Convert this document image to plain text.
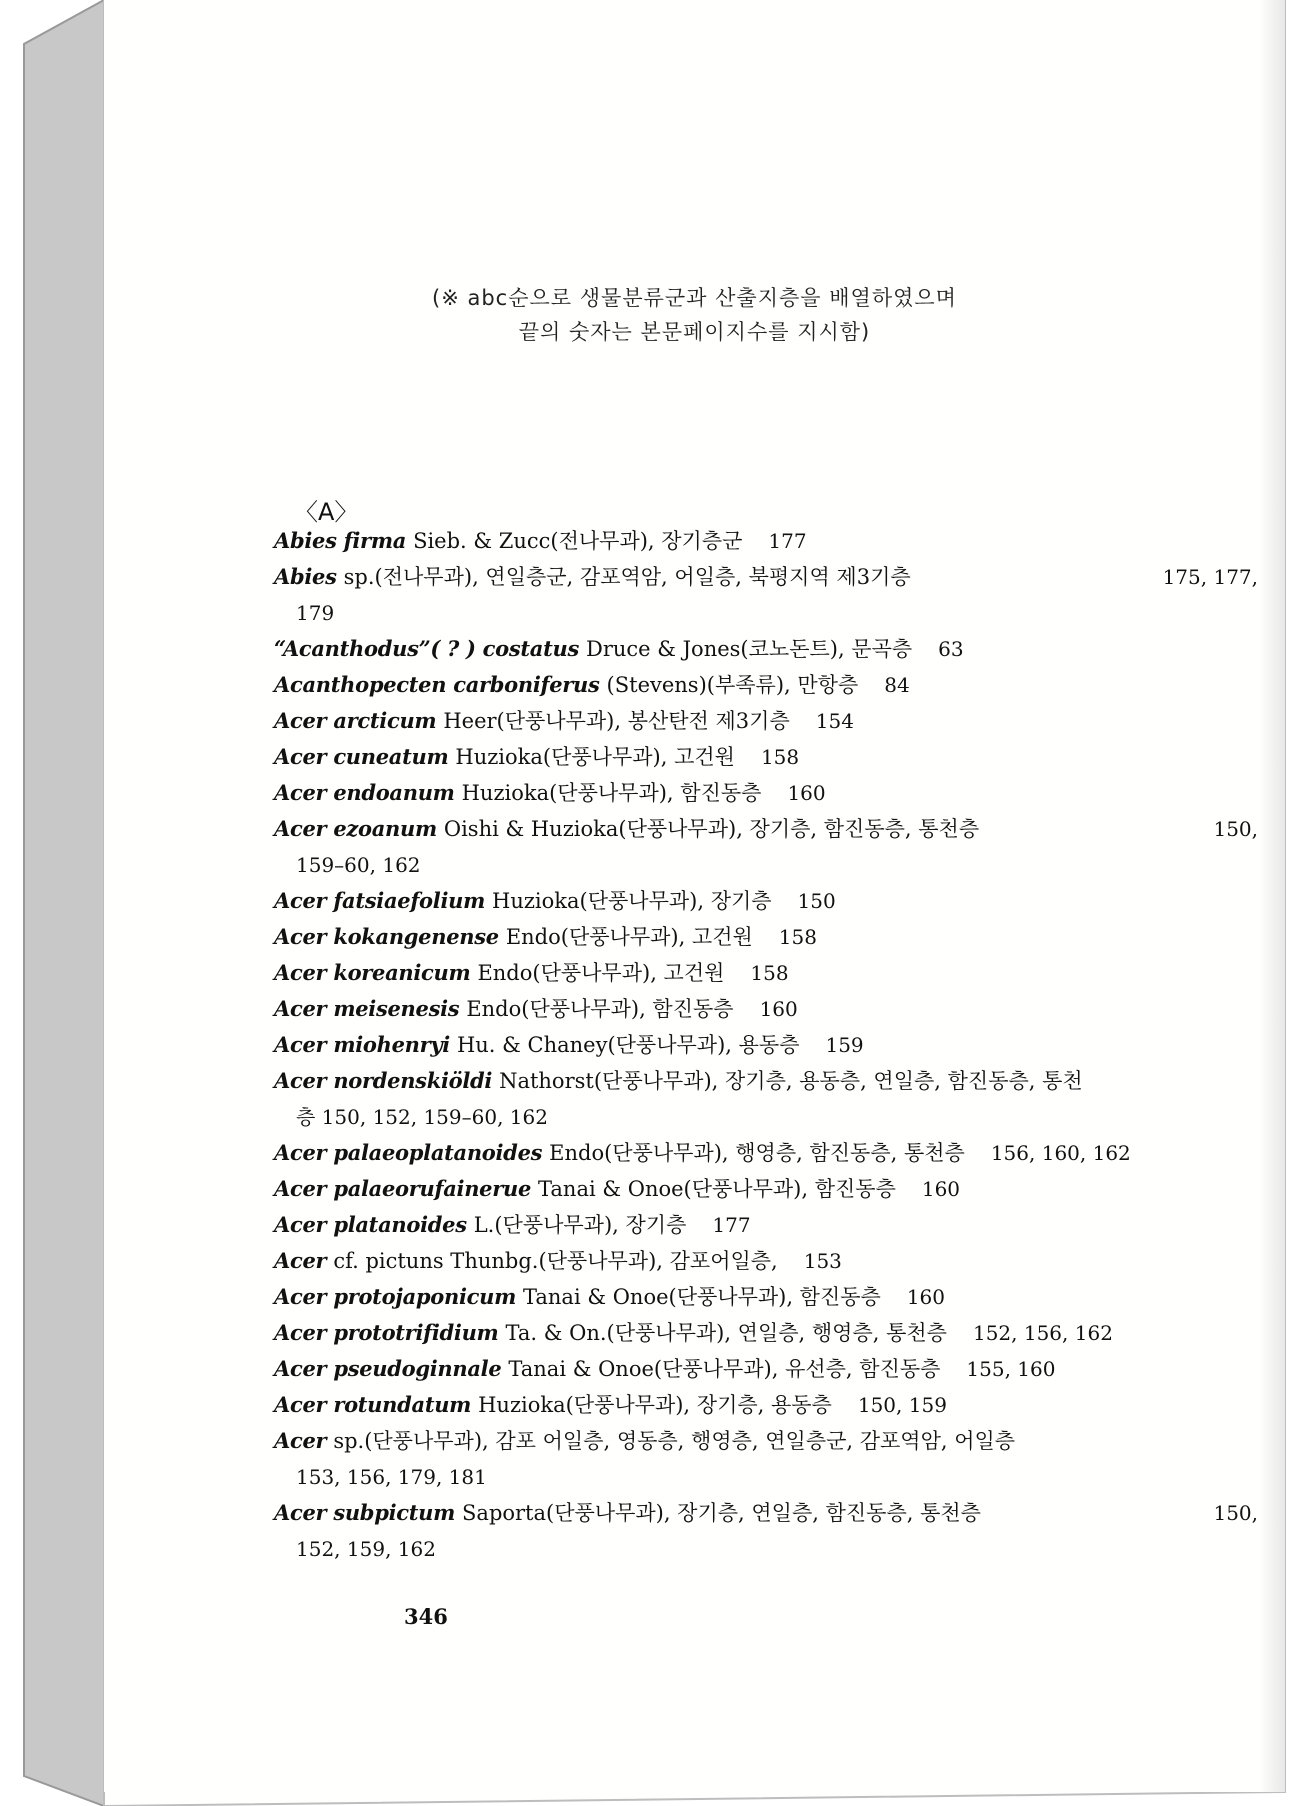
(※ abc순으로 생물분류군과 산출지층을 배열하였으며
끝의 숫자는 본문페이지수를 지시함)
〈A〉
Abies firma Sieb. & Zucc(전나무과), 장기층군 177
Abies sp.(전나무과), 연일층군, 감포역암, 어일층, 북평지역 제3기층	175, 177,
179
“Acanthodus”( ? ) costatus Druce & Jones(코노돈트), 문곡층 63
Acanthopecten carboniferus (Stevens)(부족류), 만항층 84
Acer arcticum Heer(단풍나무과), 봉산탄전 제3기층 154
Acer cuneatum Huzioka(단풍나무과), 고건원 158
Acer endoanum Huzioka(단풍나무과), 함진동층 160
Acer ezoanum Oishi & Huzioka(단풍나무과), 장기층, 함진동층, 통천층	150,
159–60, 162
Acer fatsiaefolium Huzioka(단풍나무과), 장기층 150
Acer kokangenense Endo(단풍나무과), 고건원 158
Acer koreanicum Endo(단풍나무과), 고건원 158
Acer meisenesis Endo(단풍나무과), 함진동층 160
Acer miohenryi Hu. & Chaney(단풍나무과), 용동층 159
Acer nordenskiöldi Nathorst(단풍나무과), 장기층, 용동층, 연일층, 함진동층, 통천
층 150, 152, 159–60, 162
Acer palaeoplatanoides Endo(단풍나무과), 행영층, 함진동층, 통천층 156, 160, 162
Acer palaeorufainerue Tanai & Onoe(단풍나무과), 함진동층 160
Acer platanoides L.(단풍나무과), 장기층 177
Acer cf. pictuns Thunbg.(단풍나무과), 감포어일층, 153
Acer protojaponicum Tanai & Onoe(단풍나무과), 함진동층 160
Acer prototrifidium Ta. & On.(단풍나무과), 연일층, 행영층, 통천층 152, 156, 162
Acer pseudoginnale Tanai & Onoe(단풍나무과), 유선층, 함진동층 155, 160
Acer rotundatum Huzioka(단풍나무과), 장기층, 용동층 150, 159
Acer sp.(단풍나무과), 감포 어일층, 영동층, 행영층, 연일층군, 감포역암, 어일층
153, 156, 179, 181
Acer subpictum Saporta(단풍나무과), 장기층, 연일층, 함진동층, 통천층	150,
152, 159, 162
346
